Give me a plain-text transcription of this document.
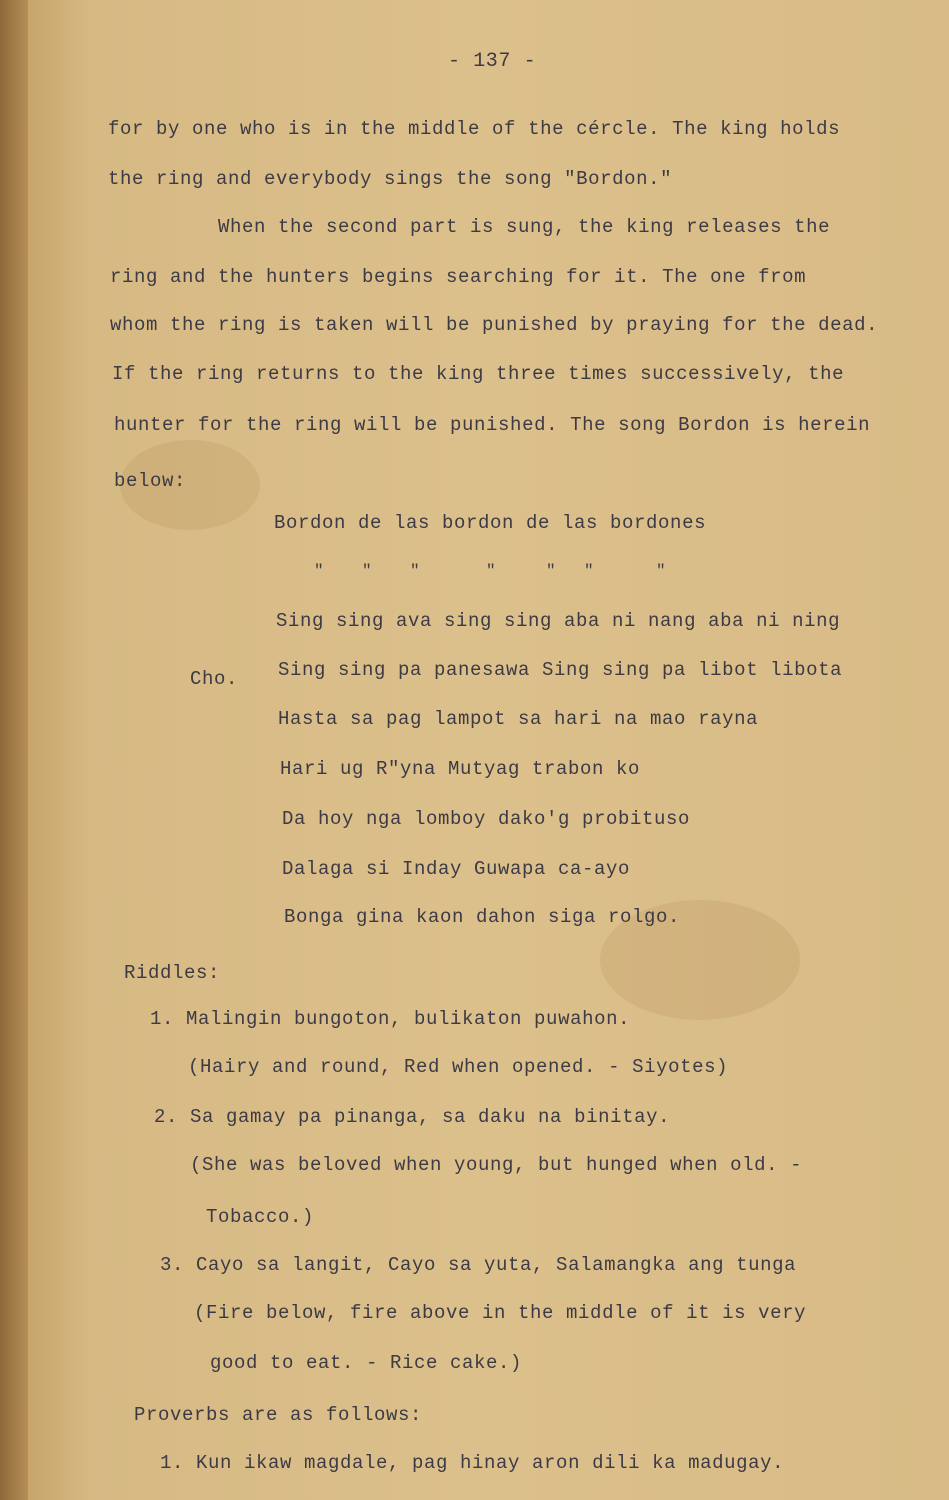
- 137 -
for by one who is in the middle of the cércle. The king holds
the ring and everybody sings the song "Bordon."
When the second part is sung, the king releases the
ring and the hunters begins searching for it. The one from
whom the ring is taken will be punished by praying for the dead.
If the ring returns to the king three times successively, the
hunter for the ring will be punished. The song Bordon is herein
below:
Bordon de las bordon de las bordones
" " "	"	" "	"
Sing sing ava sing sing aba ni nang aba ni ning
Cho. Sing sing pa panesawa Sing sing pa libot libota
Hasta sa pag lampot sa hari na mao rayna
Hari ug R"yna Mutyag trabon ko
Da hoy nga lomboy dako'g probituso
Dalaga si Inday Guwapa ca-ayo
Bonga gina kaon dahon siga rolgo.
Riddles:
1. Malingin bungoton, bulikaton puwahon.
(Hairy and round, Red when opened. - Siyotes)
2. Sa gamay pa pinanga, sa daku na binitay.
(She was beloved when young, but hunged when old. -
Tobacco.)
3. Cayo sa langit, Cayo sa yuta, Salamangka ang tunga
(Fire below, fire above in the middle of it is very
good to eat. - Rice cake.)
Proverbs are as follows:
1. Kun ikaw magdale, pag hinay aron dili ka madugay.
